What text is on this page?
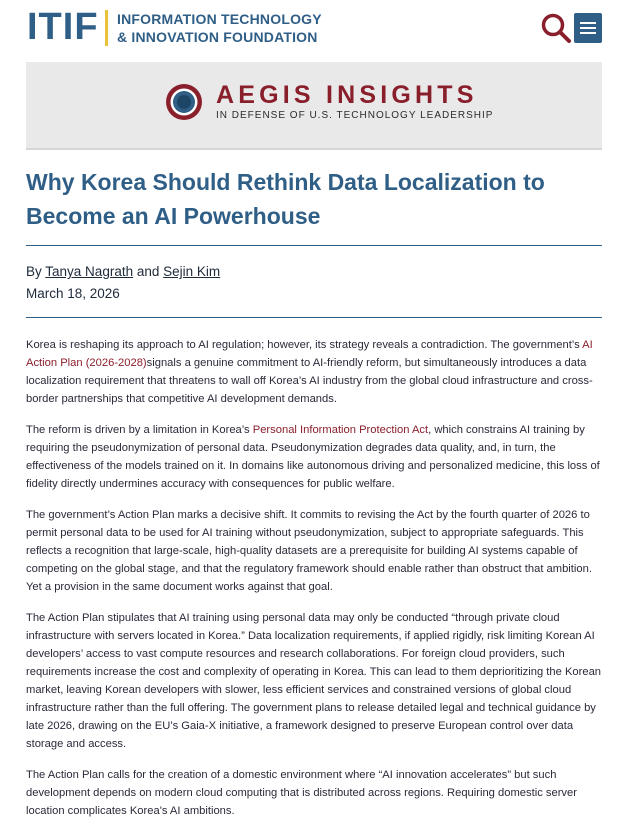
ITIF INFORMATION TECHNOLOGY
& INNOVATION FOUNDATION
AEGIS INSIGHTS
IN DEFENSE OF U.S. TECHNOLOGY LEADERSHIP
Why Korea Should Rethink Data Localization to Become an AI Powerhouse
By Tanya Nagrath and Sejin Kim
March 18, 2026

Korea is reshaping its approach to AI regulation; however, its strategy reveals a contradiction. The government’s AI Action Plan (2026-2028)signals a genuine commitment to AI-friendly reform, but simultaneously introduces a data localization requirement that threatens to wall off Korea’s AI industry from the global cloud infrastructure and cross-border partnerships that competitive AI development demands.

The reform is driven by a limitation in Korea’s Personal Information Protection Act, which constrains AI training by requiring the pseudonymization of personal data. Pseudonymization degrades data quality, and, in turn, the effectiveness of the models trained on it. In domains like autonomous driving and personalized medicine, this loss of fidelity directly undermines accuracy with consequences for public welfare.

The government’s Action Plan marks a decisive shift. It commits to revising the Act by the fourth quarter of 2026 to permit personal data to be used for AI training without pseudonymization, subject to appropriate safeguards. This reflects a recognition that large-scale, high-quality datasets are a prerequisite for building AI systems capable of competing on the global stage, and that the regulatory framework should enable rather than obstruct that ambition. Yet a provision in the same document works against that goal.

The Action Plan stipulates that AI training using personal data may only be conducted “through private cloud infrastructure with servers located in Korea.” Data localization requirements, if applied rigidly, risk limiting Korean AI developers’ access to vast compute resources and research collaborations. For foreign cloud providers, such requirements increase the cost and complexity of operating in Korea. This can lead to them deprioritizing the Korean market, leaving Korean developers with slower, less efficient services and constrained versions of global cloud infrastructure rather than the full offering. The government plans to release detailed legal and technical guidance by late 2026, drawing on the EU’s Gaia-X initiative, a framework designed to preserve European control over data storage and access.

The Action Plan calls for the creation of a domestic environment where “AI innovation accelerates” but such development depends on modern cloud computing that is distributed across regions. Requiring domestic server location complicates Korea's AI ambitions.
